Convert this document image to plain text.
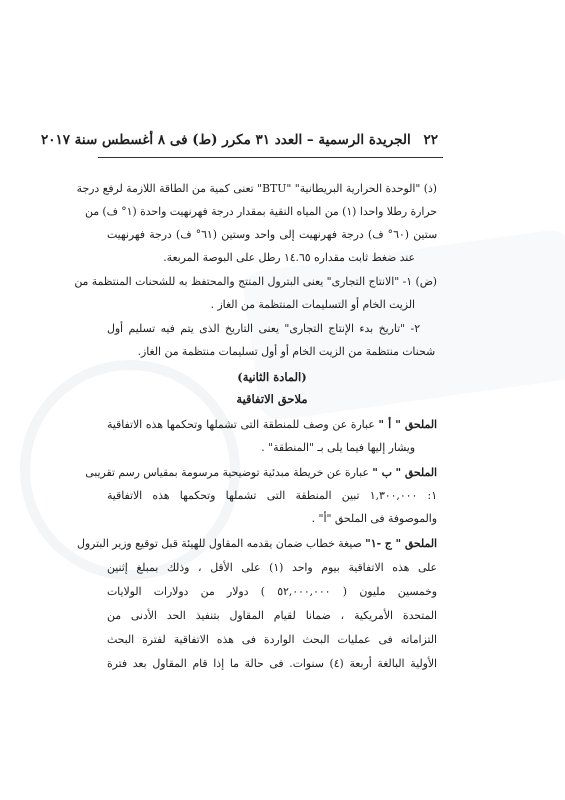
٢٢ الجريدة الرسمية – العدد ٣١ مكرر (ط) فى ٨ أغسطس سنة ٢٠١٧
(ذ) "الوحدة الحرارية البريطانية" "BTU" تعنى كمية من الطاقة اللازمة لرفع درجة
حرارة رطلا واحدا (١) من المياه النقية بمقدار درجة فهرنهيت واحدة (١° ف) من
ستين (٦٠° ف) درجة فهرنهيت إلى واحد وستين (٦١° ف) درجة فهرنهيت
عند ضغط ثابت مقداره ١٤.٦٥ رطل على البوصة المربعة.
(ض) ١- "الانتاج التجارى" يعنى البترول المنتج والمحتفظ به للشحنات المنتظمة من
الزيت الخام أو التسليمات المنتظمة من الغاز .
٢- "تاريخ بدء الإنتاج التجارى" يعنى التاريخ الذى يتم فيه تسليم أول
شحنات منتظمة من الزيت الخام أو أول تسليمات منتظمة من الغاز.
(المادة الثانية)
ملاحق الاتفاقية
الملحق " أ " عبارة عن وصف للمنطقة التى تشملها وتحكمها هذه الاتفاقية
ويشار إليها فيما يلى بـ "المنطقة" .
الملحق " ب " عبارة عن خريطة مبدئية توضيحية مرسومة بمقياس رسم تقريبى
١: ١,٣٠٠,٠٠٠ تبين المنطقة التى تشملها وتحكمها هذه الاتفاقية
والموصوفة فى الملحق "أ" .
الملحق " ج -١" صيغة خطاب ضمان يقدمه المقاول للهيئة قبل توقيع وزير البترول
على هذه الاتفاقية بيوم واحد (١) على الأقل ، وذلك بمبلغ إثنين
وخمسين مليون ( ٥٢,٠٠٠,٠٠٠ ) دولار من دولارات الولايات
المتحدة الأمريكية ، ضمانا لقيام المقاول بتنفيذ الحد الأدنى من
التزاماته فى عمليات البحث الواردة فى هذه الاتفاقية لفترة البحث
الأولية البالغة أربعة (٤) سنوات. فى حالة ما إذا قام المقاول بعد فترة
